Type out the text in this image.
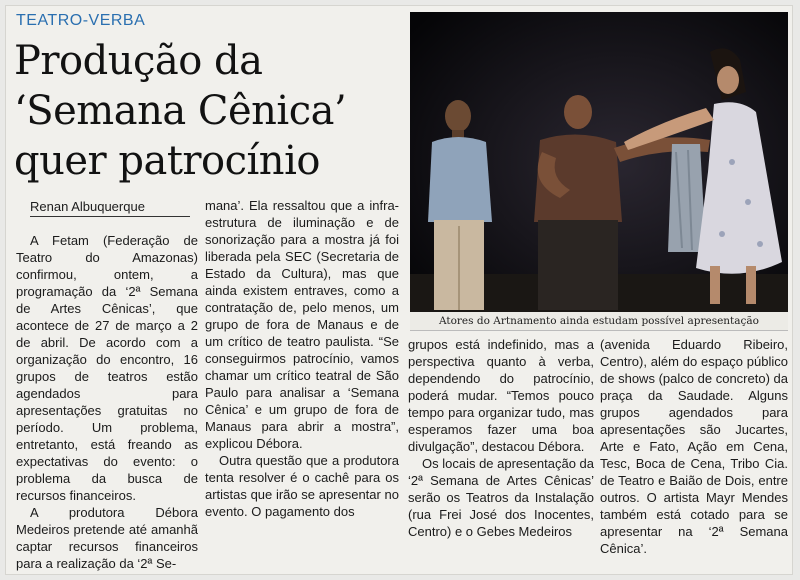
TEATRO-VERBA
Produção da
‘Semana Cênica’
quer patrocínio
Renan Albuquerque

A Fetam (Federação de Teatro do Amazonas) confirmou, ontem, a programação da ‘2ª Semana de Artes Cênicas’, que acontece de 27 de março a 2 de abril. De acordo com a organização do encontro, 16 grupos de teatros estão agendados para apresentações gratuitas no período. Um problema, entretanto, está freando as expectativas do evento: o problema da busca de recursos financeiros.

A produtora Débora Medeiros pretende até amanhã captar recursos financeiros para a realização da ‘2ª Se-

mana’. Ela ressaltou que a infra-estrutura de iluminação e de sonorização para a mostra já foi liberada pela SEC (Secretaria de Estado da Cultura), mas que ainda existem entraves, como a contratação de, pelo menos, um grupo de fora de Manaus e de um crítico de teatro paulista. “Se conseguirmos patrocínio, vamos chamar um crítico teatral de São Paulo para analisar a ‘Semana Cênica’ e um grupo de fora de Manaus para abrir a mostra”, explicou Débora.

Outra questão que a produtora tenta resolver é o cachê para os artistas que irão se apresentar no evento. O pagamento dos

Atores do Artnamento ainda estudam possível apresentação

grupos está indefinido, mas a perspectiva quanto à verba, dependendo do patrocínio, poderá mudar. “Temos pouco tempo para organizar tudo, mas esperamos fazer uma boa divulgação”, destacou Débora.

Os locais de apresentação da ‘2ª Semana de Artes Cênicas’ serão os Teatros da Instalação (rua Frei José dos Inocentes, Centro) e o Gebes Medeiros

(avenida Eduardo Ribeiro, Centro), além do espaço público de shows (palco de concreto) da praça da Saudade. Alguns grupos agendados para apresentações são Jucartes, Arte e Fato, Ação em Cena, Tesc, Boca de Cena, Tribo Cia. de Teatro e Baião de Dois, entre outros. O artista Mayr Mendes também está cotado para se apresentar na ‘2ª Semana Cênica’.
